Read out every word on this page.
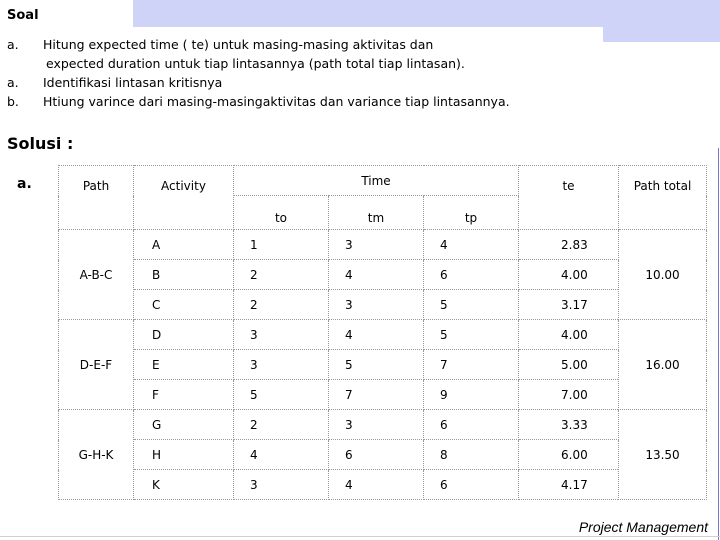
Soal
a. Hitung expected time ( te) untuk masing-masing aktivitas dan
expected duration untuk tiap lintasannya (path total tiap lintasan).
a. Identifikasi lintasan kritisnya
b. Htiung varince dari masing-masingaktivitas dan variance tiap lintasannya.
Solusi :
a.	Path	Activity	Time			te	Path total
		to	tm	tp		
A-B-C	A	1	3	4	2.83	10.00
	B	2	4	6	4.00	
	C	2	3	5	3.17	
D-E-F	D	3	4	5	4.00	16.00
	E	3	5	7	5.00	
	F	5	7	9	7.00	
G-H-K	G	2	3	6	3.33	13.50
	H	4	6	8	6.00	
	K	3	4	6	4.17	
Project Management
